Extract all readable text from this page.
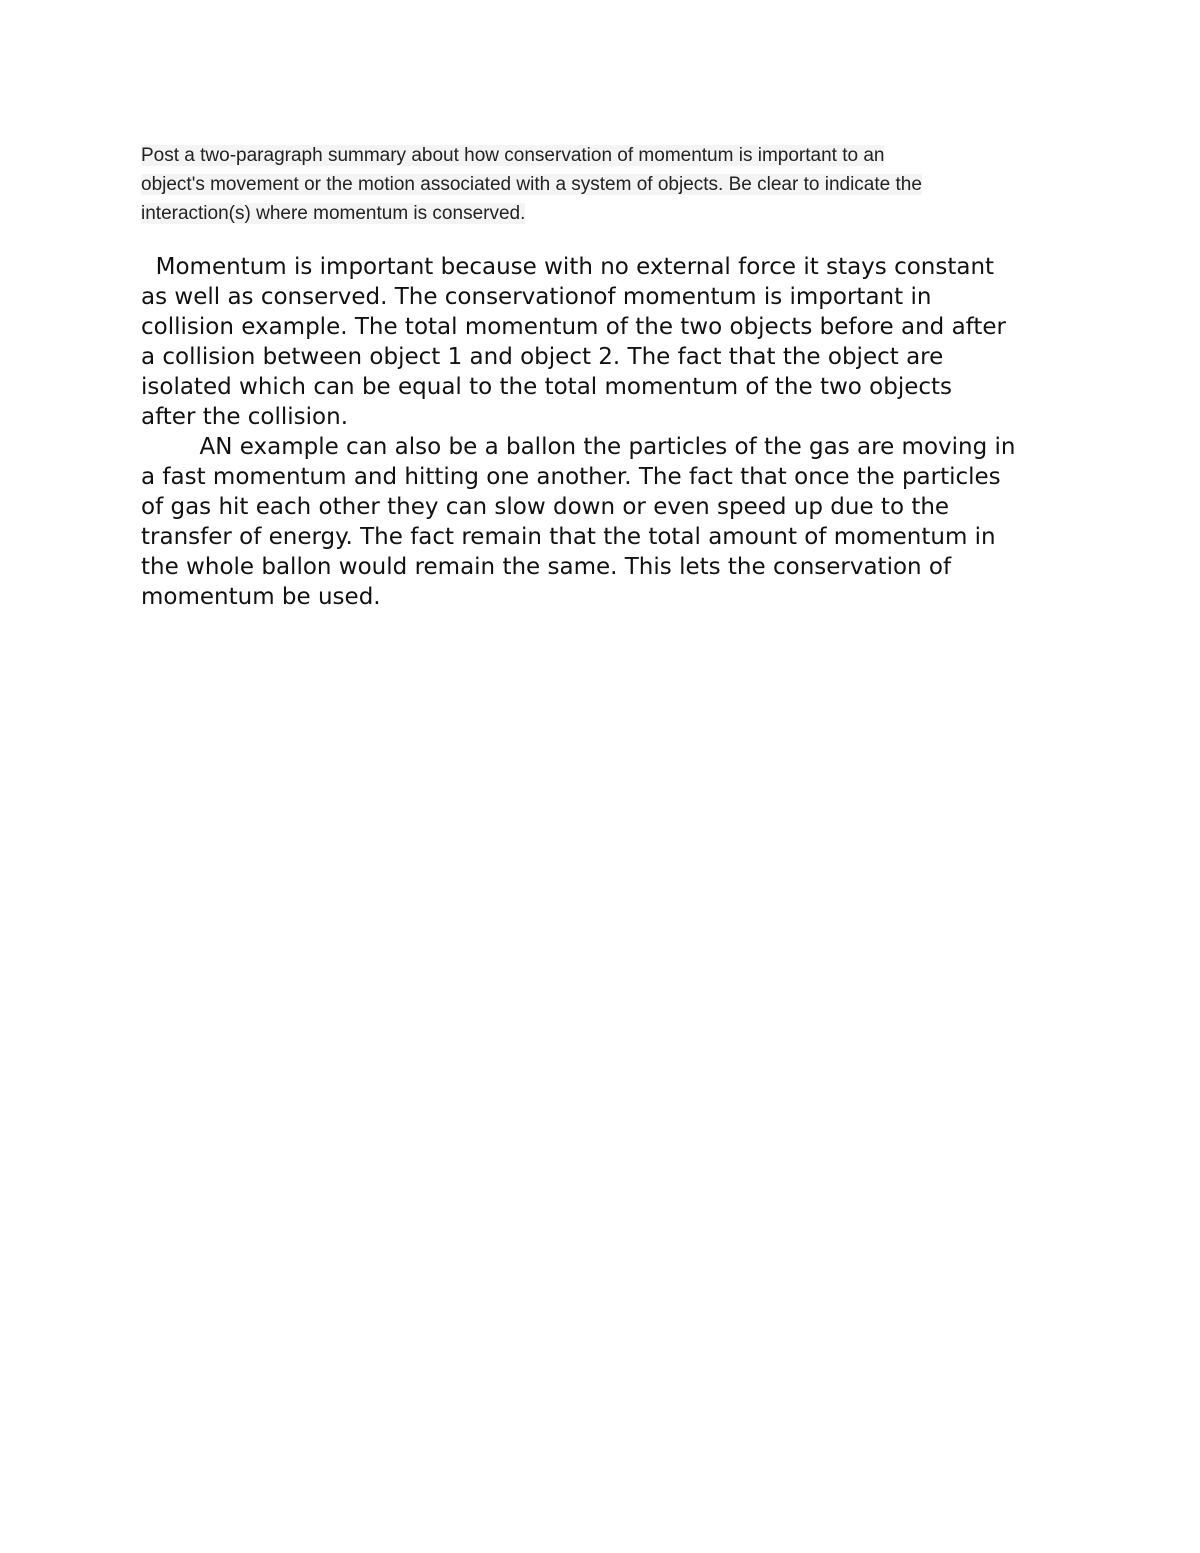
Post a two-paragraph summary about how conservation of momentum is important to an
object's movement or the motion associated with a system of objects. Be clear to indicate the
interaction(s) where momentum is conserved.
Momentum is important because with no external force it stays constant
as well as conserved. The conservationof momentum is important in
collision example. The total momentum of the two objects before and after
a collision between object 1 and object 2. The fact that the object are
isolated which can be equal to the total momentum of the two objects
after the collision.
AN example can also be a ballon the particles of the gas are moving in
a fast momentum and hitting one another. The fact that once the particles
of gas hit each other they can slow down or even speed up due to the
transfer of energy. The fact remain that the total amount of momentum in
the whole ballon would remain the same. This lets the conservation of
momentum be used.
